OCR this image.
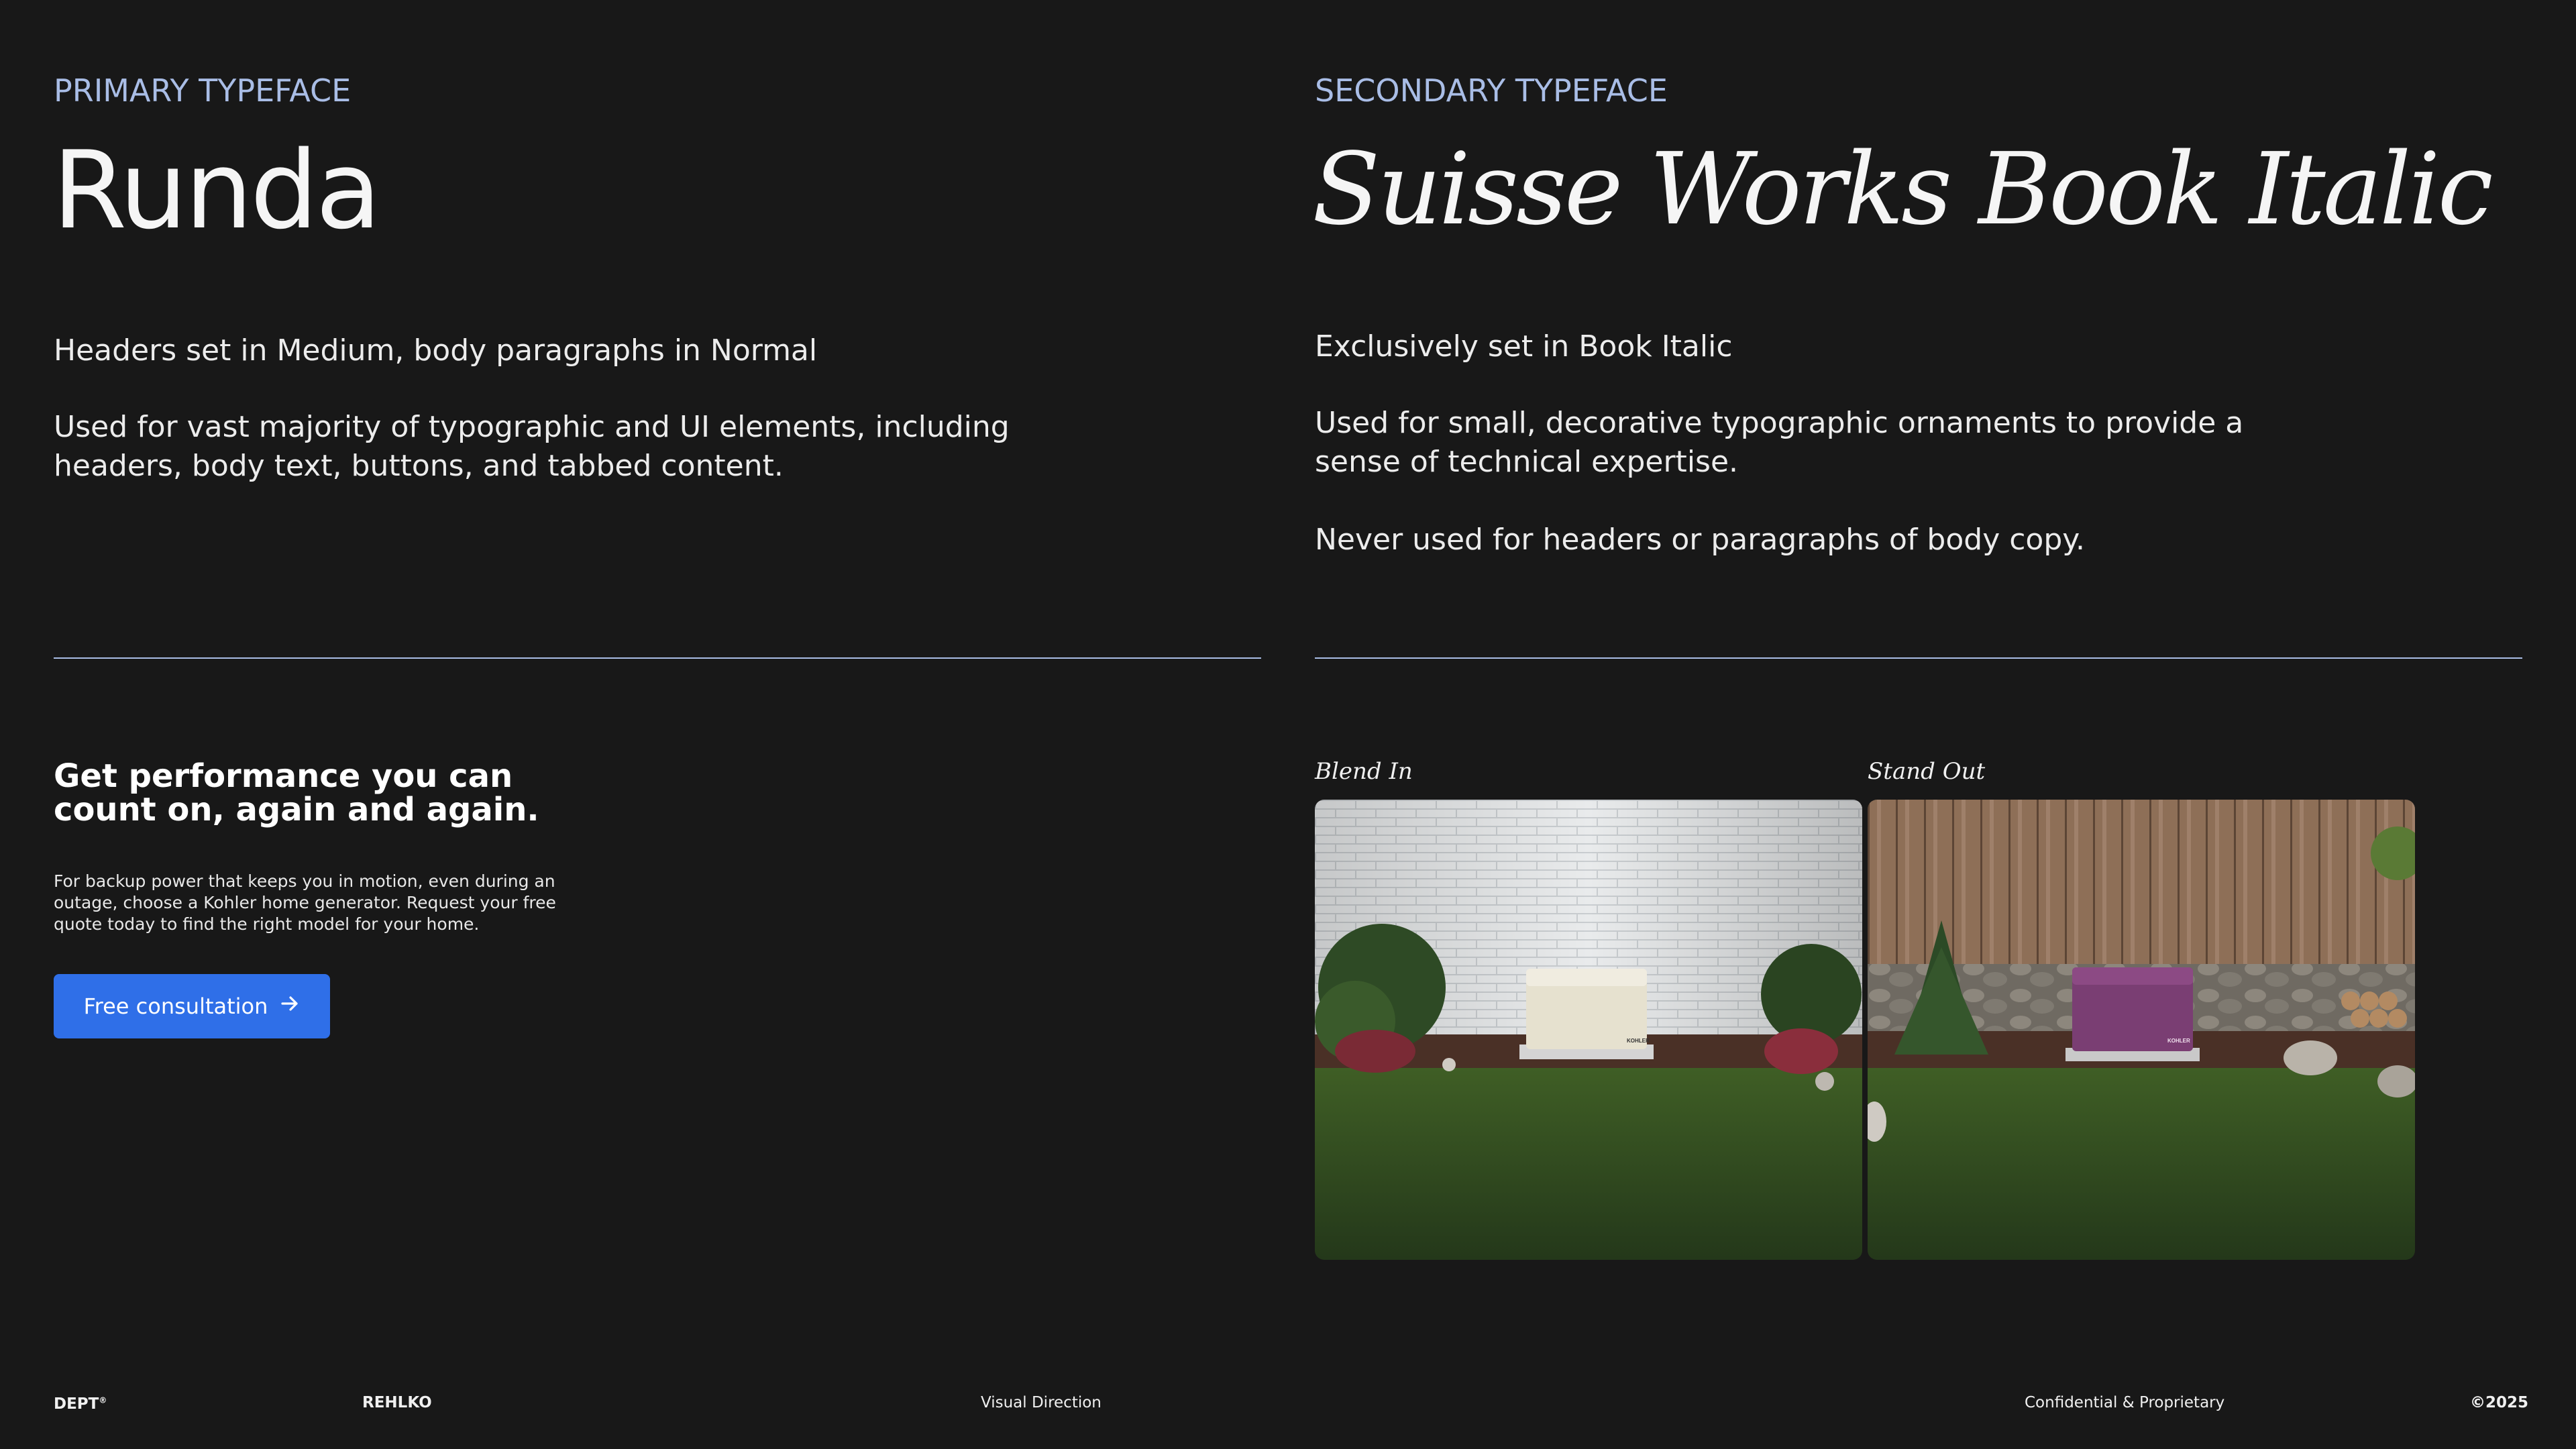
PRIMARY TYPEFACE
Runda
Headers set in Medium, body paragraphs in Normal
Used for vast majority of typographic and UI elements, including
headers, body text, buttons, and tabbed content.
SECONDARY TYPEFACE
Suisse Works Book Italic
Exclusively set in Book Italic
Used for small, decorative typographic ornaments to provide a
sense of technical expertise.
Never used for headers or paragraphs of body copy.
Get performance you can
count on, again and again.
For backup power that keeps you in motion, even during an
outage, choose a Kohler home generator. Request your free
quote today to find the right model for your home.
Free consultation
Blend In	Stand Out
KOHLER	KOHLER
DEPT®	REHLKO	Visual Direction	Confidential & Proprietary	©2025
